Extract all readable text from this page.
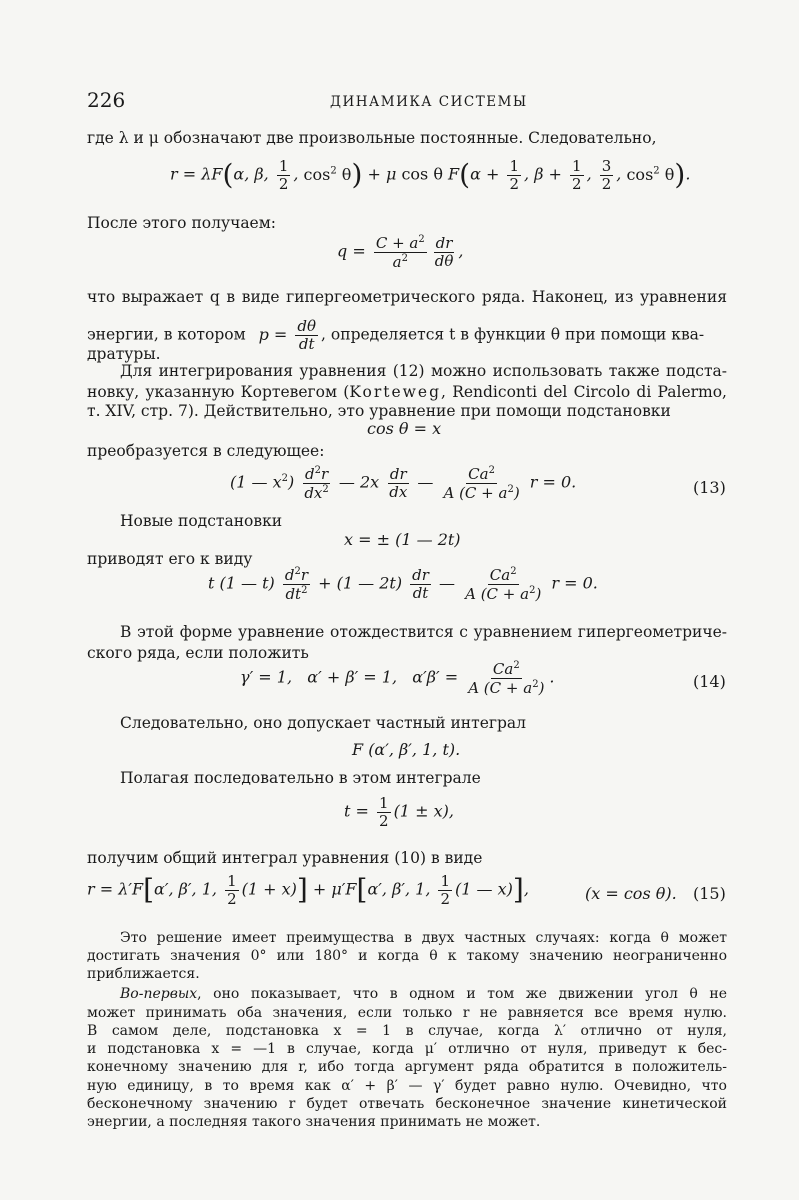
226	ДИНАМИКА СИСТЕМЫ
где λ и μ обозначают две произвольные постоянные. Следовательно,
r = λF(α, β, $\frac{1}{2}$ , $\cos^2 \theta) + \mu$ cos θ $F(\alpha + \frac{1}{2}$ , $\beta + \frac{1}{2}$ , $\frac{3}{2}$ , $\cos^2 \theta$).
После этого получаем:
$q = \frac{C + a^2}{a^2} \frac{dr}{d\theta}$ ,
что выражает q в виде гипергеометрического ряда. Наконец, из уравнения
энергии, в котором $p = \frac{d\theta}{dt}$ , определяется t в функции θ при помощи ква-
дратуры.
Для интегрирования уравнения (12) можно использовать также подста-
новку, указанную Кортевегом (Korteweg, Rendiconti del Circolo di Palermo,
т. XIV, стр. 7). Действительно, это уравнение при помощи подстановки
cos θ = x
преобразуется в следующее:
(1 — $x^2) \frac{d^2r}{dx^2}$ — $2x \frac{dr}{dx}$ — $\frac{Ca^2}{A (C + a^2)}$ r = 0.	(13)
Новые подстановки
x = ± (1 — 2t)
приводят его к виду
t (1 — $t) \frac{d^2r}{dt^2} + (1$ — $2t) \frac{dr}{dt}$ — $\frac{Ca^2}{A (C + a^2)}$ r = 0.
В этой форме уравнение отождествится с уравнением гипергеометриче-
ского ряда, если положить
γ′ = 1,   α′ + β′ = 1,   $\alpha'\beta' = \frac{Ca^2}{A (C + a^2)}$ .	(14)
Следовательно, оно допускает частный интеграл
F (α′, β′, 1, t).
Полагая последовательно в этом интеграле
$t = \frac{1}{2} (1 \pm x)$,
получим общий интеграл уравнения (10) в виде
r = λ′F[α′, β′, 1, $\frac{1}{2} (1 + x)] + \mu'F[\alpha'$, β′, 1, $\frac{1}{2} (1$ — x)],	(x = cos θ). (15)
Это решение имеет преимущества в двух частных случаях: когда θ может
достигать значения 0° или 180° и когда θ к такому значению неограниченно
приближается.
Во-первых, оно показывает, что в одном и том же движении угол θ не
может принимать оба значения, если только r не равняется все время нулю.
В самом деле, подстановка x = 1 в случае, когда λ′ отлично от нуля,
и подстановка x = —1 в случае, когда μ′ отлично от нуля, приведут к бес-
конечному значению для r, ибо тогда аргумент ряда обратится в положитель-
ную единицу, в то время как α′ + β′ — γ′ будет равно нулю. Очевидно, что
бесконечному значению r будет отвечать бесконечное значение кинетической
энергии, а последняя такого значения принимать не может.
